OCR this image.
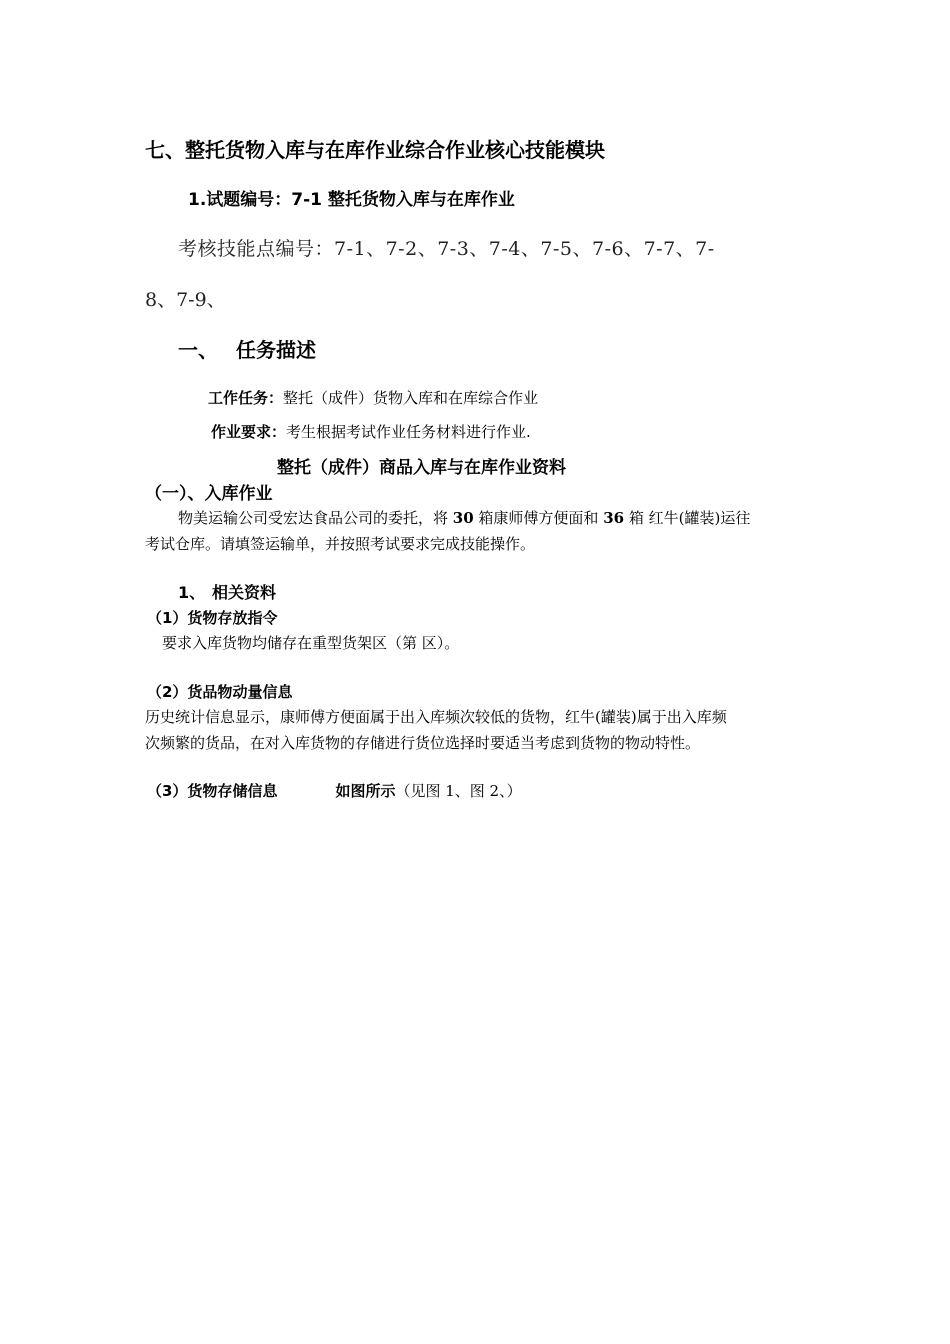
七、整托货物入库与在库作业综合作业核心技能模块
1.试题编号：7-1 整托货物入库与在库作业
考核技能点编号：7-1、7-2、7-3、7-4、7-5、7-6、7-7、7-
8、7-9、
一、 任务描述
工作任务：整托（成件）货物入库和在库综合作业
作业要求：考生根据考试作业任务材料进行作业.
整托（成件）商品入库与在库作业资料
（一）、入库作业
物美运输公司受宏达食品公司的委托，将 30 箱康师傅方便面和 36 箱 红牛(罐装)运往
考试仓库。请填签运输单，并按照考试要求完成技能操作。
1、 相关资料
（1）货物存放指令
要求入库货物均储存在重型货架区（第 区）。
（2）货品物动量信息
历史统计信息显示，康师傅方便面属于出入库频次较低的货物，红牛(罐装)属于出入库频
次频繁的货品，在对入库货物的存储进行货位选择时要适当考虑到货物的物动特性。
（3）货物存储信息	如图所示（见图 1、图 2、）
